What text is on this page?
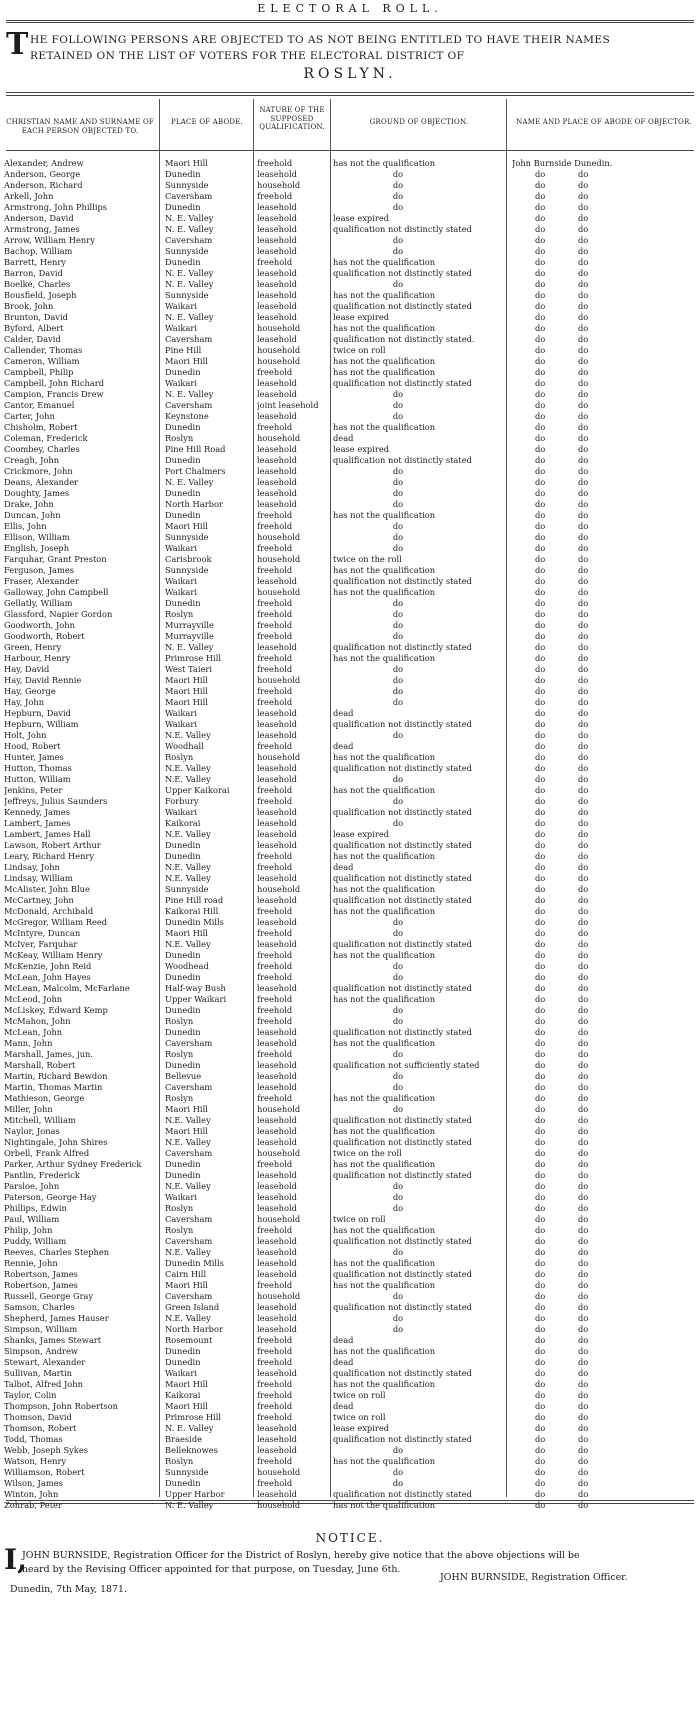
ELECTORAL ROLL.
T HE FOLLOWING PERSONS ARE OBJECTED TO AS NOT BEING ENTITLED TO HAVE THEIR NAMES
RETAINED ON THE LIST OF VOTERS FOR THE ELECTORAL DISTRICT OF
ROSLYN.
CHRISTIAN NAME AND SURNAME OF EACH PERSON OBJECTED TO.
PLACE OF ABODE.
NATURE OF THE SUPPOSED QUALIFICATION.
GROUND OF OBJECTION.	NAME AND PLACE OF ABODE OF OBJECTOR.
Alexander, Andrew	Maori Hill	freehold	has not the qualification	John Burnside Dunedin.
Anderson, George	Dunedin	leasehold	do	do	do
Anderson, Richard	Sunnyside	household	do	do	do
Arkell, John	Caversham	freehold	do	do	do
Armstrong, John Phillips	Dunedin	leasehold	do	do	do
Anderson, David	N. E. Valley	leasehold	lease expired	do	do
Armstrong, James	N. E. Valley	leasehold	qualification not distinctly stated	do	do
Arrow, William Henry	Caversham	leasehold	do	do	do
Bachop, William	Sunnyside	leasehold	do	do	do
Barrett, Henry	Dunedin	freehold	has not the qualification	do	do
Barron, David	N. E. Valley	leasehold	qualification not distinctly stated	do	do
Boelke, Charles	N. E. Valley	leasehold	do	do	do
Bousfield, Joseph	Sunnyside	leasehold	has not the qualification	do	do
Brook, John	Waikari	leasehold	qualification not distinctly stated	do	do
Brunton, David	N. E. Valley	leasehold	lease expired	do	do
Byford, Albert	Waikari	household	has not the qualification	do	do
Calder, David	Caversham	leasehold	qualification not distinctly stated.	do	do
Callender, Thomas	Pine Hill	household	twice on roll	do	do
Cameron, William	Maori Hill	household	has not the qualification	do	do
Campbell, Philip	Dunedin	freehold	has not the qualification	do	do
Campbell, John Richard	Waikari	leasehold	qualification not distinctly stated	do	do
Campion, Francis Drew	N. E. Valley	leasehold	do	do	do
Cantor, Emanuel	Caversham	joint leasehold	do	do	do
Carter, John	Keynstone	leasehold	do	do	do
Chisholm, Robert	Dunedin	freehold	has not the qualification	do	do
Coleman, Frederick	Roslyn	household	dead	do	do
Coombey, Charles	Pine Hill Road	leasehold	lease expired	do	do
Creagh, John	Dunedin	leasehold	qualification not distinctly stated	do	do
Crickmore, John	Port Chalmers	leasehold	do	do	do
Deans, Alexander	N. E. Valley	leasehold	do	do	do
Doughty, James	Dunedin	leasehold	do	do	do
Drake, John	North Harbor	leasehold	do	do	do
Duncan, John	Dunedin	freehold	has not the qualification	do	do
Ellis, John	Maori Hill	freehold	do	do	do
Ellison, William	Sunnyside	household	do	do	do
English, Joseph	Waikari	freehold	do	do	do
Farquhar, Grant Preston	Carisbrook	household	twice on the roll	do	do
Ferguson, James	Sunnyside	freehold	has not the qualification	do	do
Fraser, Alexander	Waikari	leasehold	qualification not distinctly stated	do	do
Galloway, John Campbell	Waikari	household	has not the qualification	do	do
Gellatly, William	Dunedin	freehold	do	do	do
Glassford, Napier Gordon	Roslyn	freehold	do	do	do
Goodworth, John	Murrayville	freehold	do	do	do
Goodworth, Robert	Murrayville	freehold	do	do	do
Green, Henry	N. E. Valley	leasehold	qualification not distinctly stated	do	do
Harbour, Henry	Primrose Hill	freehold	has not the qualification	do	do
Hay, David	West Taieri	freehold	do	do	do
Hay, David Rennie	Maori Hill	household	do	do	do
Hay, George	Maori Hill	freehold	do	do	do
Hay, John	Maori Hill	freehold	do	do	do
Hepburn, David	Waikari	leasehold	dead	do	do
Hepburn, William	Waikari	leasehold	qualification not distinctly stated	do	do
Holt, John	N.E. Valley	leasehold	do	do	do
Hood, Robert	Woodhall	freehold	dead	do	do
Hunter, James	Roslyn	household	has not the qualification	do	do
Hutton, Thomas	N.E. Valley	leasehold	qualification not distinctly stated	do	do
Hutton, William	N.E. Valley	leasehold	do	do	do
Jenkins, Peter	Upper Kaikorai	freehold	has not the qualification	do	do
Jeffreys, Julius Saunders	Forbury	freehold	do	do	do
Kennedy, James	Waikari	leasehold	qualification not distinctly stated	do	do
Lambert, James	Kaikorai	leasehold	do	do	do
Lambert, James Hall	N.E. Valley	leasehold	lease expired	do	do
Lawson, Robert Arthur	Dunedin	leasehold	qualification not distinctly stated	do	do
Leary, Richard Henry	Dunedin	freehold	has not the qualification	do	do
Lindsay, John	N.E. Valley	freehold	dead	do	do
Lindsay, William	N.E. Valley	leasehold	qualification not distinctly stated	do	do
McAlister, John Blue	Sunnyside	household	has not the qualification	do	do
McCartney, John	Pine Hill road	leasehold	qualification not distinctly stated	do	do
McDonald, Archibald	Kaikorai Hill	freehold	has not the qualification	do	do
McGregor, William Reed	Dunedin Mills	leasehold	do	do	do
McIntyre, Duncan	Maori Hill	freehold	do	do	do
McIver, Farquhar	N.E. Valley	leasehold	qualification not distinctly stated	do	do
McKeay, William Henry	Dunedin	freehold	has not the qualification	do	do
McKenzie, John Reid	Woodhead	freehold	do	do	do
McLean, John Hayes	Dunedin	freehold	do	do	do
McLean, Malcolm, McFarlane	Half-way Bush	leasehold	qualification not distinctly stated	do	do
McLeod, John	Upper Waikari	freehold	has not the qualification	do	do
McLiskey, Edward Kemp	Dunedin	freehold	do	do	do
McMahon, John	Roslyn	freehold	do	do	do
McLean, John	Dunedin	leasehold	qualification not distinctly stated	do	do
Mann, John	Caversham	leasehold	has not the qualification	do	do
Marshall, James, jun.	Roslyn	freehold	do	do	do
Marshall, Robert	Dunedin	leasehold	qualification not sufficiently stated	do	do
Martin, Richard Bewdon	Bellevue	leasehold	do	do	do
Martin, Thomas Martin	Caversham	leasehold	do	do	do
Mathieson, George	Roslyn	freehold	has not the qualification	do	do
Miller, John	Maori Hill	household	do	do	do
Mitchell, William	N.E. Valley	leasehold	qualification not distinctly stated	do	do
Naylor, Jonas	Maori Hill	leasehold	has not the qualification	do	do
Nightingale, John Shires	N.E. Valley	leasehold	qualification not distinctly stated	do	do
Orbell, Frank Alfred	Caversham	household	twice on the roll	do	do
Parker, Arthur Sydney Frederick	Dunedin	freehold	has not the qualification	do	do
Pantlin, Frederick	Dunedin	leasehold	qualification not distinctly stated	do	do
Parsloe, John	N.E. Valley	leasehold	do	do	do
Paterson, George Hay	Waikari	leasehold	do	do	do
Phillips, Edwin	Roslyn	leasehold	do	do	do
Paul, William	Caversham	household	twice on roll	do	do
Philip, John	Roslyn	freehold	has not the qualification	do	do
Puddy, William	Caversham	leasehold	qualification not distinctly stated	do	do
Reeves, Charles Stephen	N.E. Valley	leasehold	do	do	do
Rennie, John	Dunedin Mills	leasehold	has not the qualification	do	do
Robertson, James	Cairn Hill	leasehold	qualification not distinctly stated	do	do
Robertson, James	Maori Hill	freehold	has not the qualification	do	do
Russell, George Gray	Caversham	household	do	do	do
Samson, Charles	Green Island	leasehold	qualification not distinctly stated	do	do
Shepherd, James Hauser	N.E. Valley	leasehold	do	do	do
Simpson, William	North Harbor	leasehold	do	do	do
Shanks, James Stewart	Rosemount	freehold	dead	do	do
Simpson, Andrew	Dunedin	freehold	has not the qualification	do	do
Stewart, Alexander	Dunedin	freehold	dead	do	do
Sullivan, Martin	Waikari	leasehold	qualification not distinctly stated	do	do
Talbot, Alfred John	Maori Hill	freehold	has not the qualification	do	do
Taylor, Colin	Kaikorai	freehold	twice on roll	do	do
Thompson, John Robertson	Maori Hill	freehold	dead	do	do
Thomson, David	Primrose Hill	freehold	twice on roll	do	do
Thomson, Robert	N. E. Valley	leasehold	lease expired	do	do
Todd, Thomas	Braeside	leasehold	qualification not distinctly stated	do	do
Webb, Joseph Sykes	Belleknowes	leasehold	do	do	do
Watson, Henry	Roslyn	freehold	has not the qualification	do	do
Williamson, Robert	Sunnyside	household	do	do	do
Wilson, James	Dunedin	freehold	do	do	do
Winton, John	Upper Harbor	leasehold	qualification not distinctly stated	do	do
Zohrab, Peter	N. E. Valley	household	has not the qualification	do	do
NOTICE.
I,
JOHN BURNSIDE, Registration Officer for the District of Roslyn, hereby give notice that the above objections will be
heard by the Revising Officer appointed for that purpose, on Tuesday, June 6th.
Dunedin, 7th May, 1871.
JOHN BURNSIDE, Registration Officer.
